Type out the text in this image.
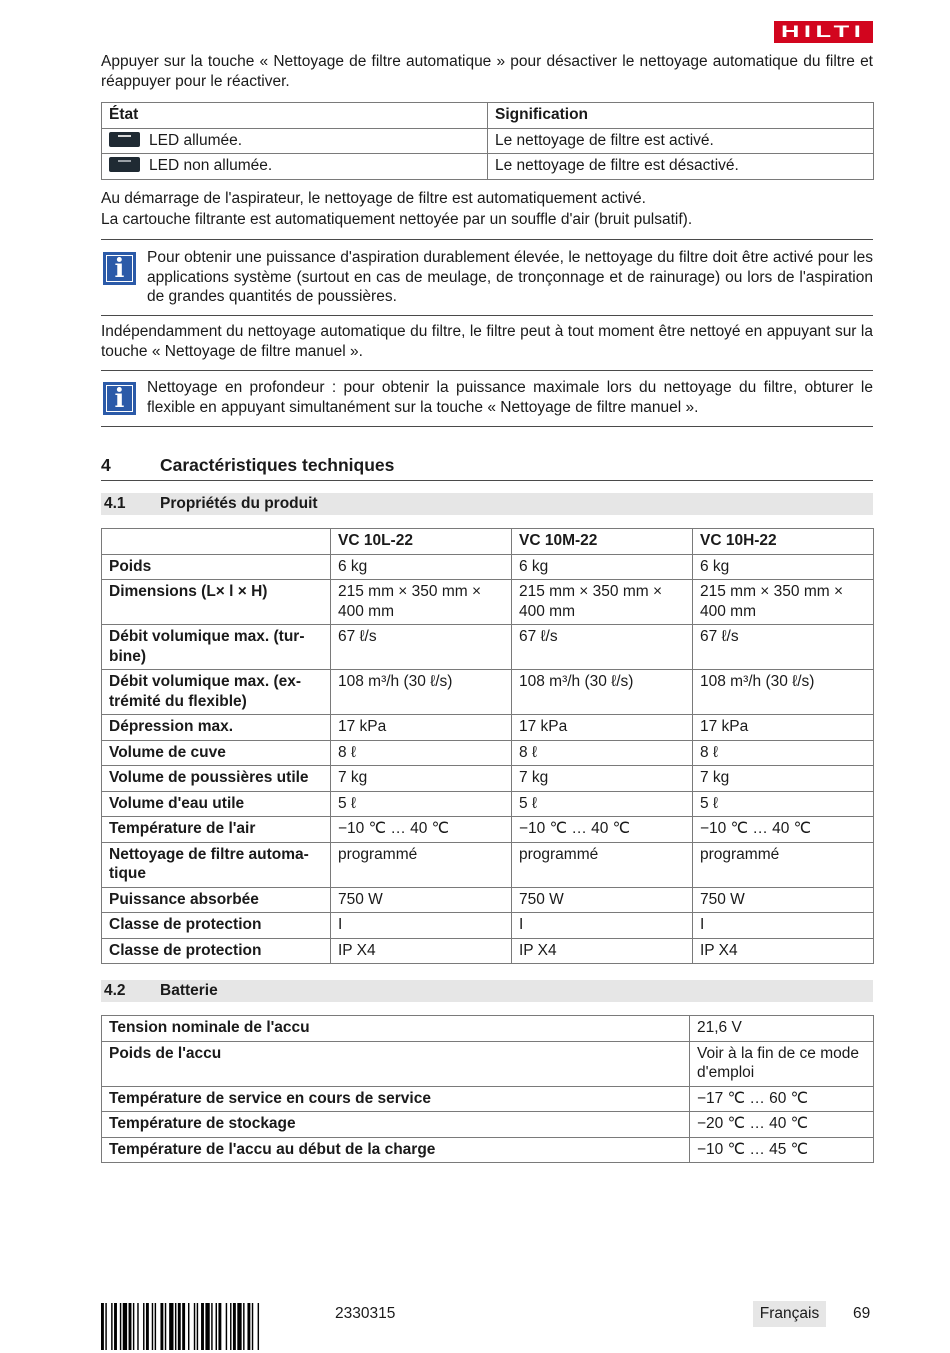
HILTI

Appuyer sur la touche « Nettoyage de filtre automatique » pour désactiver le nettoyage automatique du filtre et réappuyer pour le réactiver.

État	Signification
LED allumée.	Le nettoyage de filtre est activé.
LED non allumée.	Le nettoyage de filtre est désactivé.

Au démarrage de l'aspirateur, le nettoyage de filtre est automatiquement activé.

La cartouche filtrante est automatiquement nettoyée par un souffle d'air (bruit pulsatif).

i	Pour obtenir une puissance d'aspiration durablement élevée, le nettoyage du filtre doit être activé pour les applications système (surtout en cas de meulage, de tronçonnage et de rainurage) ou lors de l'aspiration de grandes quantités de poussières.

Indépendamment du nettoyage automatique du filtre, le filtre peut à tout moment être nettoyé en appuyant sur la touche « Nettoyage de filtre manuel ».

i	Nettoyage en profondeur : pour obtenir la puissance maximale lors du nettoyage du filtre, obturer le flexible en appuyant simultanément sur la touche « Nettoyage de filtre manuel ».

4	Caractéristiques techniques
4.1 Propriétés du produit
	VC 10L-22	VC 10M-22	VC 10H-22
Poids	6 kg	6 kg	6 kg
Dimensions (L× l × H)	215 mm × 350 mm × 400 mm	215 mm × 350 mm × 400 mm	215 mm × 350 mm × 400 mm
Débit volumique max. (tur-bine)	67 ℓ/s	67 ℓ/s	67 ℓ/s
Débit volumique max. (ex-trémité du flexible)	108 m³/h (30 ℓ/s)	108 m³/h (30 ℓ/s)	108 m³/h (30 ℓ/s)
Dépression max.	17 kPa	17 kPa	17 kPa
Volume de cuve	8 ℓ	8 ℓ	8 ℓ
Volume de poussières utile	7 kg	7 kg	7 kg
Volume d'eau utile	5 ℓ	5 ℓ	5 ℓ
Température de l'air	−10 ℃ … 40 ℃	−10 ℃ … 40 ℃	−10 ℃ … 40 ℃
Nettoyage de filtre automa-tique	programmé	programmé	programmé
Puissance absorbée	750 W	750 W	750 W
Classe de protection	I	I	I
Classe de protection	IP X4	IP X4	IP X4
4.2 Batterie
Tension nominale de l'accu	21,6 V
Poids de l'accu	Voir à la fin de ce mode d'emploi
Température de service en cours de service	−17 ℃ … 60 ℃
Température de stockage	−20 ℃ … 40 ℃
Température de l'accu au début de la charge	−10 ℃ … 45 ℃
2330315	Français	69
